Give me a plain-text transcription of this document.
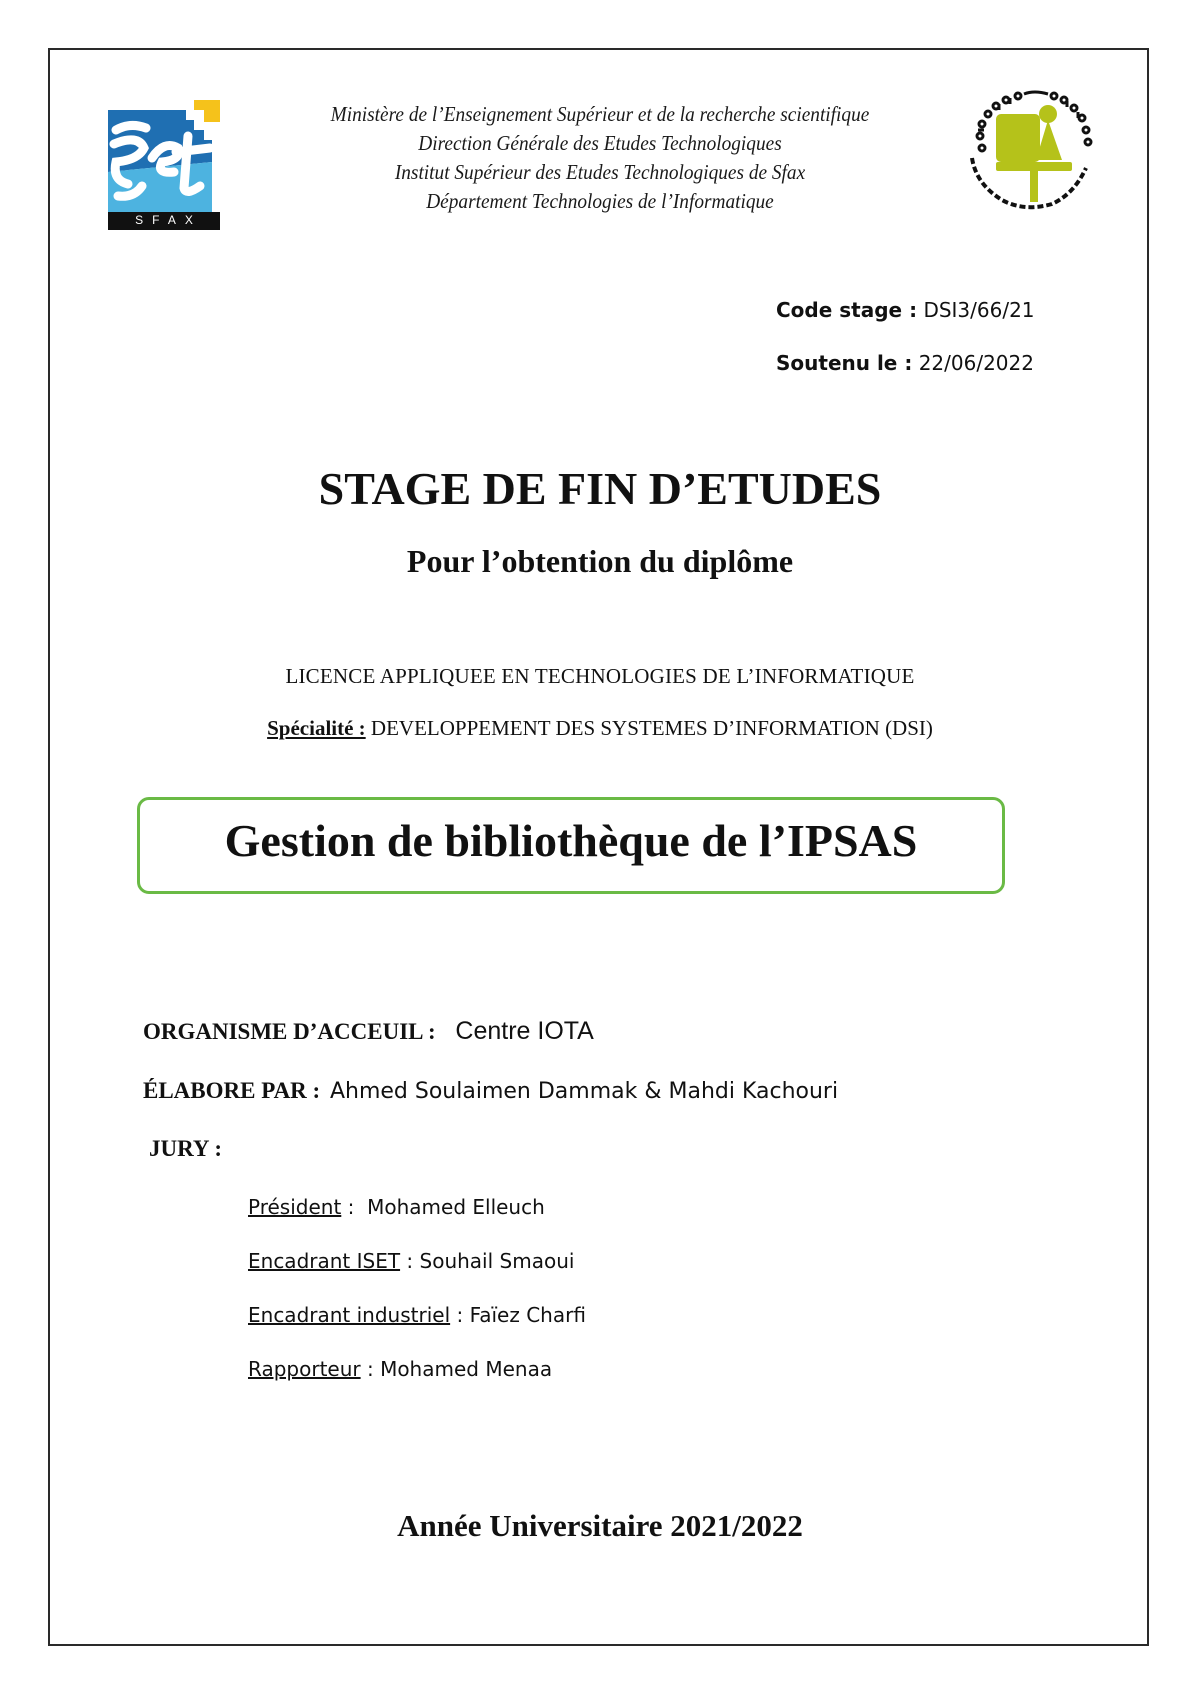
SFAX
Ministère de l’Enseignement Supérieur et de la recherche scientifique
Direction Générale des Etudes Technologiques
Institut Supérieur des Etudes Technologiques de Sfax
Département Technologies de l’Informatique
Code stage : DSI3/66/21
Soutenu le : 22/06/2022
STAGE DE FIN D’ETUDES
Pour l’obtention du diplôme
LICENCE APPLIQUEE EN TECHNOLOGIES DE L’INFORMATIQUE
Spécialité : DEVELOPPEMENT DES SYSTEMES D’INFORMATION (DSI)
Gestion de bibliothèque de l’IPSAS
ORGANISME D’ACCEUIL : Centre IOTA
ÉLABORE PAR : Ahmed Soulaimen Dammak & Mahdi Kachouri
JURY :
Président :  Mohamed Elleuch
Encadrant ISET : Souhail Smaoui
Encadrant industriel : Faïez Charfi
Rapporteur : Mohamed Menaa
Année Universitaire 2021/2022
